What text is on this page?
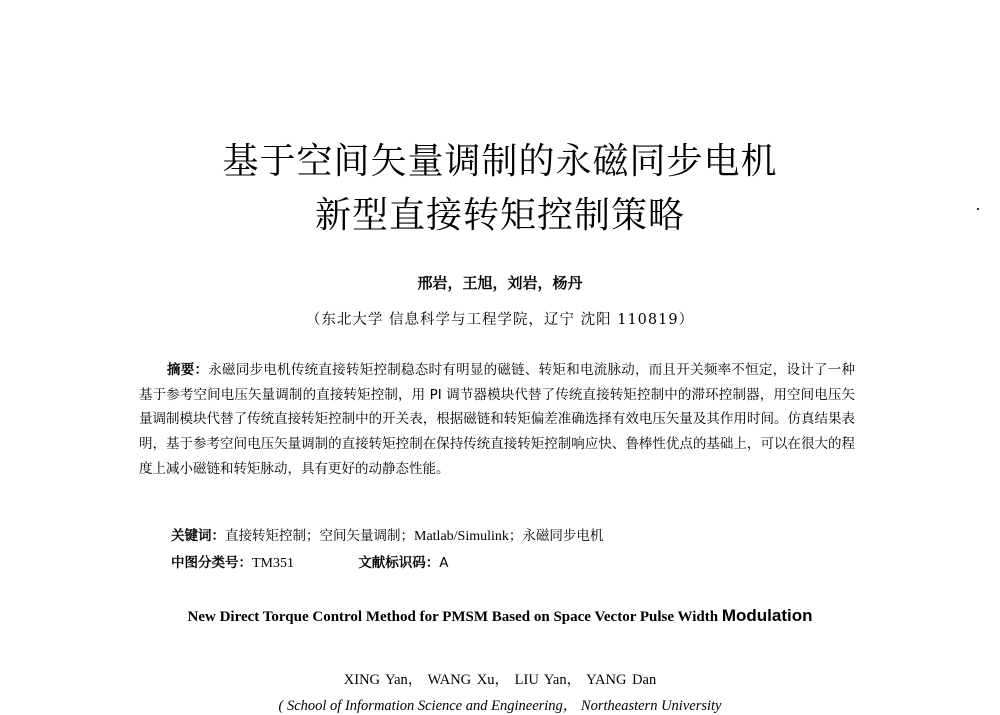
基于空间矢量调制的永磁同步电机
新型直接转矩控制策略
邢岩，王旭，刘岩，杨丹
（东北大学 信息科学与工程学院，辽宁 沈阳 110819）
摘要：永磁同步电机传统直接转矩控制稳态时有明显的磁链、转矩和电流脉动，而且开关频率不恒定，设计了一种基于参考空间电压矢量调制的直接转矩控制，用 PI 调节器模块代替了传统直接转矩控制中的滞环控制器，用空间电压矢量调制模块代替了传统直接转矩控制中的开关表，根据磁链和转矩偏差准确选择有效电压矢量及其作用时间。仿真结果表明，基于参考空间电压矢量调制的直接转矩控制在保持传统直接转矩控制响应快、鲁棒性优点的基础上，可以在很大的程度上减小磁链和转矩脉动，具有更好的动静态性能。
关键词：直接转矩控制；空间矢量调制；Matlab/Simulink；永磁同步电机
中图分类号：TM351	文献标识码：A
New Direct Torque Control Method for PMSM Based on Space Vector Pulse Width Modulation
XING Yan， WANG Xu， LIU Yan， YANG Dan
( School of Information Science and Engineering， Northeastern University
